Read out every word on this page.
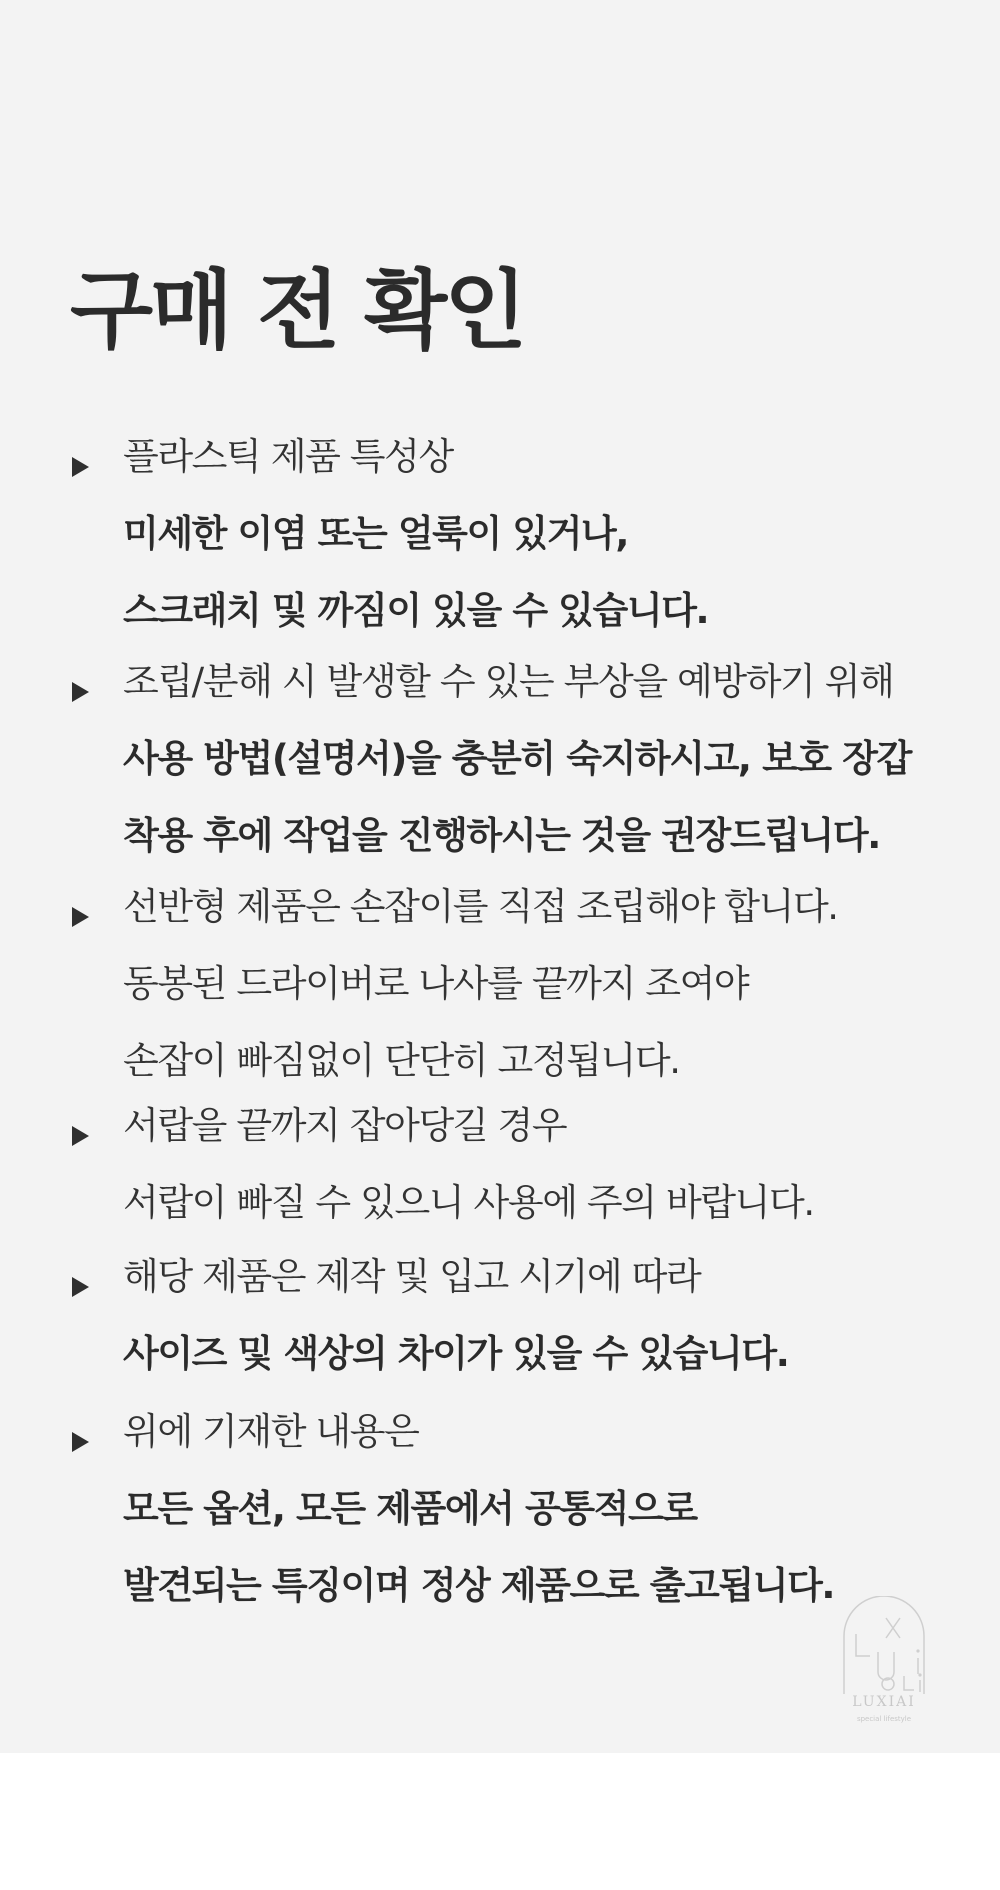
구매 전 확인
플라스틱 제품 특성상
미세한 이염 또는 얼룩이 있거나,
스크래치 및 까짐이 있을 수 있습니다.
조립/분해 시 발생할 수 있는 부상을 예방하기 위해
사용 방법(설명서)을 충분히 숙지하시고, 보호 장갑
착용 후에 작업을 진행하시는 것을 권장드립니다.
선반형 제품은 손잡이를 직접 조립해야 합니다.
동봉된 드라이버로 나사를 끝까지 조여야
손잡이 빠짐없이 단단히 고정됩니다.
서랍을 끝까지 잡아당길 경우
서랍이 빠질 수 있으니 사용에 주의 바랍니다.
해당 제품은 제작 및 입고 시기에 따라
사이즈 및 색상의 차이가 있을 수 있습니다.
위에 기재한 내용은
모든 옵션, 모든 제품에서 공통적으로
발견되는 특징이며 정상 제품으로 출고됩니다.
LUXIAI
special lifestyle
